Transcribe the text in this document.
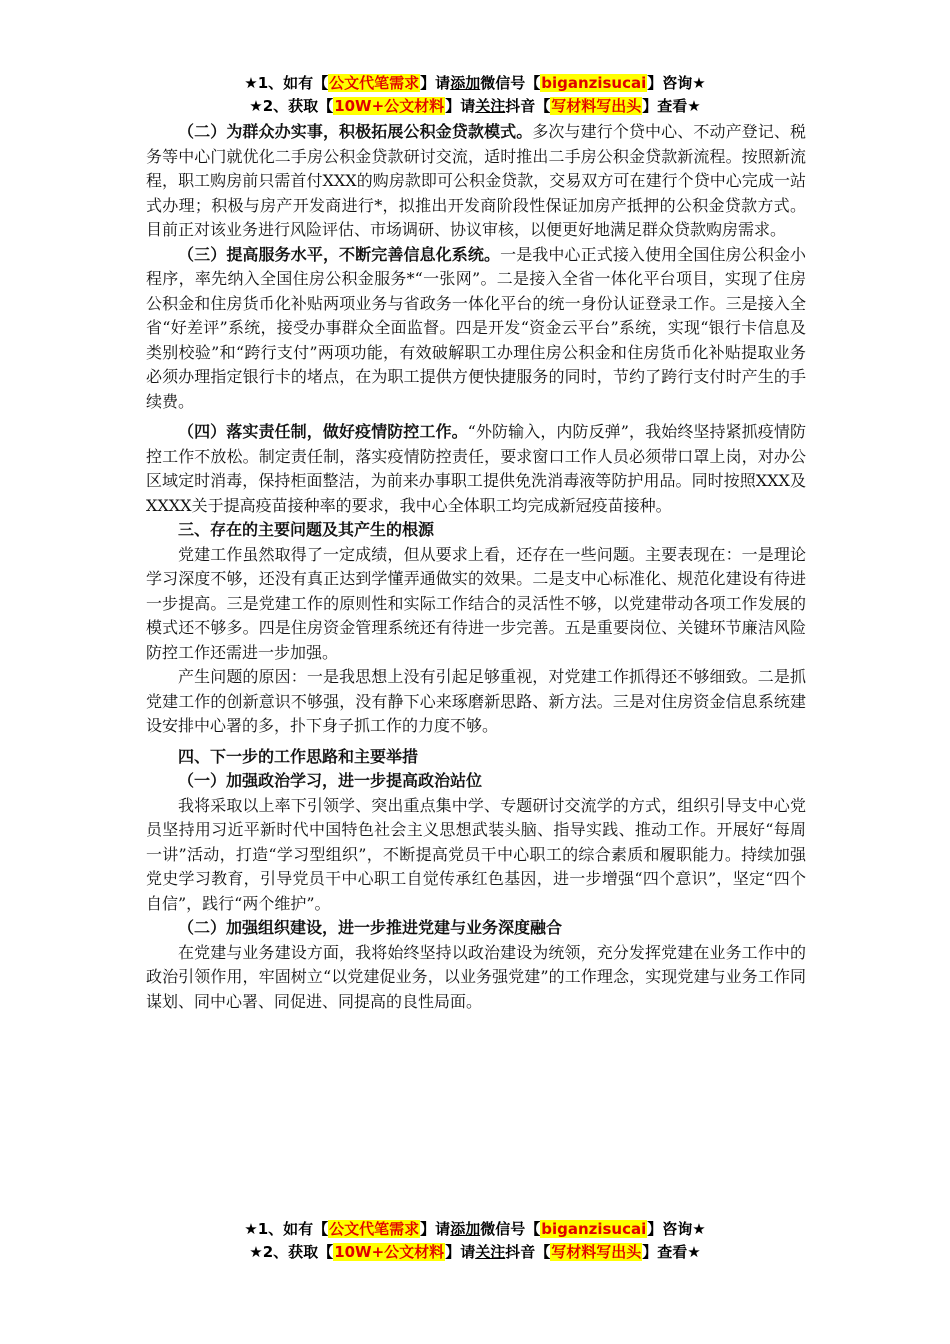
★1、如有【公文代笔需求】请添加微信号【biganzisucai】咨询★
★2、获取【10W+公文材料】请关注抖音【写材料写出头】查看★

（二）为群众办实事，积极拓展公积金贷款模式。多次与建行个贷中心、不动产登记、税务等中心门就优化二手房公积金贷款研讨交流，适时推出二手房公积金贷款新流程。按照新流程，职工购房前只需首付XXX的购房款即可公积金贷款，交易双方可在建行个贷中心完成一站式办理；积极与房产开发商进行*，拟推出开发商阶段性保证加房产抵押的公积金贷款方式。目前正对该业务进行风险评估、市场调研、协议审核，以便更好地满足群众贷款购房需求。

（三）提高服务水平，不断完善信息化系统。一是我中心正式接入使用全国住房公积金小程序，率先纳入全国住房公积金服务*“一张网”。二是接入全省一体化平台项目，实现了住房公积金和住房货币化补贴两项业务与省政务一体化平台的统一身份认证登录工作。三是接入全省“好差评”系统，接受办事群众全面监督。四是开发“资金云平台”系统，实现“银行卡信息及类别校验”和“跨行支付”两项功能，有效破解职工办理住房公积金和住房货币化补贴提取业务必须办理指定银行卡的堵点，在为职工提供方便快捷服务的同时，节约了跨行支付时产生的手续费。

（四）落实责任制，做好疫情防控工作。“外防输入，内防反弹”，我始终坚持紧抓疫情防控工作不放松。制定责任制，落实疫情防控责任，要求窗口工作人员必须带口罩上岗，对办公区域定时消毒，保持柜面整洁，为前来办事职工提供免洗消毒液等防护用品。同时按照XXX及XXXX关于提高疫苗接种率的要求，我中心全体职工均完成新冠疫苗接种。

三、存在的主要问题及其产生的根源

党建工作虽然取得了一定成绩，但从要求上看，还存在一些问题。主要表现在：一是理论学习深度不够，还没有真正达到学懂弄通做实的效果。二是支中心标准化、规范化建设有待进一步提高。三是党建工作的原则性和实际工作结合的灵活性不够，以党建带动各项工作发展的模式还不够多。四是住房资金管理系统还有待进一步完善。五是重要岗位、关键环节廉洁风险防控工作还需进一步加强。

产生问题的原因：一是我思想上没有引起足够重视，对党建工作抓得还不够细致。二是抓党建工作的创新意识不够强，没有静下心来琢磨新思路、新方法。三是对住房资金信息系统建设安排中心署的多，扑下身子抓工作的力度不够。

四、下一步的工作思路和主要举措

（一）加强政治学习，进一步提高政治站位

我将采取以上率下引领学、突出重点集中学、专题研讨交流学的方式，组织引导支中心党员坚持用习近平新时代中国特色社会主义思想武装头脑、指导实践、推动工作。开展好“每周一讲”活动，打造“学习型组织”，不断提高党员干中心职工的综合素质和履职能力。持续加强党史学习教育，引导党员干中心职工自觉传承红色基因，进一步增强“四个意识”，坚定“四个自信”，践行“两个维护”。

（二）加强组织建设，进一步推进党建与业务深度融合

在党建与业务建设方面，我将始终坚持以政治建设为统领，充分发挥党建在业务工作中的政治引领作用，牢固树立“以党建促业务，以业务强党建”的工作理念，实现党建与业务工作同谋划、同中心署、同促进、同提高的良性局面。

★1、如有【公文代笔需求】请添加微信号【biganzisucai】咨询★
★2、获取【10W+公文材料】请关注抖音【写材料写出头】查看★
